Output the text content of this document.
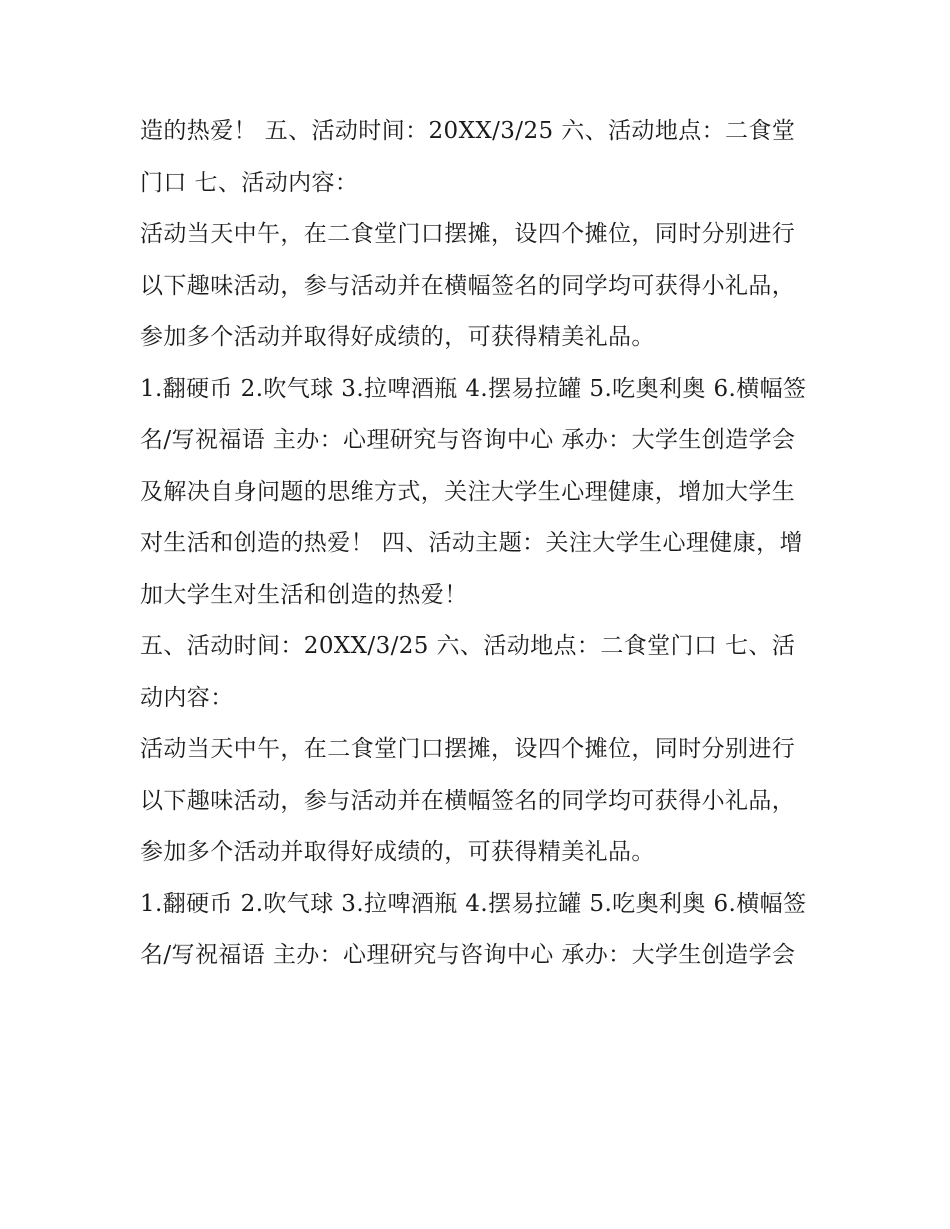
造的热爱！ 五、活动时间：20XX/3/25 六、活动地点：二食堂门口 七、活动内容：

活动当天中午，在二食堂门口摆摊，设四个摊位，同时分别进行以下趣味活动，参与活动并在横幅签名的同学均可获得小礼品，参加多个活动并取得好成绩的，可获得精美礼品。

1.翻硬币 2.吹气球 3.拉啤酒瓶 4.摆易拉罐 5.吃奥利奥 6.横幅签名/写祝福语 主办：心理研究与咨询中心 承办：大学生创造学会

及解决自身问题的思维方式，关注大学生心理健康，增加大学生对生活和创造的热爱！ 四、活动主题：关注大学生心理健康，增加大学生对生活和创造的热爱！

五、活动时间：20XX/3/25 六、活动地点：二食堂门口 七、活动内容：

活动当天中午，在二食堂门口摆摊，设四个摊位，同时分别进行以下趣味活动，参与活动并在横幅签名的同学均可获得小礼品，参加多个活动并取得好成绩的，可获得精美礼品。

1.翻硬币 2.吹气球 3.拉啤酒瓶 4.摆易拉罐 5.吃奥利奥 6.横幅签名/写祝福语 主办：心理研究与咨询中心 承办：大学生创造学会
